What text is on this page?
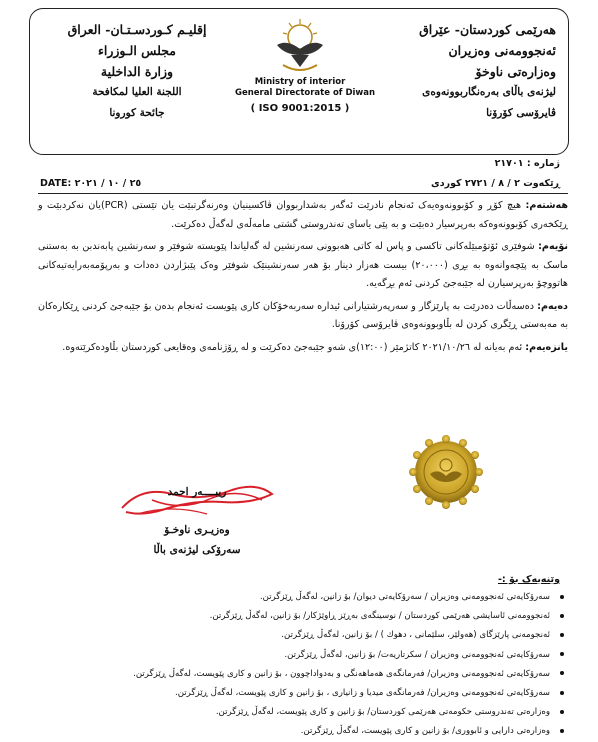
هەرێمی کوردستان- عێراق
ئەنجوومەنی وەزیران
وەزارەتی ناوخۆ
لیژنەی باڵای بەرەنگاربوونەوەی
ڤایرۆسی کۆرۆنا
Ministry of interior
General Directorate of Diwan
( ISO 9001:2015 )
إقليـم كـوردسـتـان- العراق
مجلس الـوزراء
وزارة الداخلية
اللجنة العليا لمكافحة
جائحة كورونا
ژمارە : ٢١٧٠١
ڕێکەوت ٢ / ٨ / ٢٧٢١ کوردی
DATE: ٢٥ / ١٠ / ٢٠٢١

هەشتەم: هیچ کۆڕ و کۆبوونەوەیەک ئەنجام نادرێت ئەگەر بەشداربووان ڤاکسینیان وەرنەگرتبێت یان تێستی (PCR)یان نەکردبێت و ڕێکخەری کۆبوونەوەکە بەرپرسیار دەبێت و بە پێی یاسای تەندروستی گشتی مامەڵەی لەگەڵ دەکرێت.

نۆیەم: شوفێری ئۆتۆمبێلەکانی تاکسی و پاس لە کاتی هەبوونی سەرنشین لە گەلیاندا پێویستە شوفێر و سەرنشین پابەندبن بە بەستنی ماسک بە پێچەوانەوە بە بڕی (٢٠،٠٠٠) بیست هەزار دینار بۆ هەر سەرنشینێک شوفێر وەک پێبژاردن دەدات و بەرپۆمەبەرایەتیەکانی هاتووچۆ بەرپرسیارن لە جێبەجێ کردنی ئەم بڕگەیە.

دەیەم: دەسەڵات دەدرێت بە پارێزگار و سەرپەرشتیارانی ئیدارە سەربەخۆکان کاری پێویست ئەنجام بدەن بۆ جێبەجێ کردنی ڕێکارەکان بە مەبەستی ڕێگری کردن لە بڵاوبوونەوەی ڤایرۆسی کۆرۆنا.

یانزەیەم: ئەم بەیانە لە ٢٠٢١/١٠/٢٦ کاتژمێر (١٢:٠٠)ی شەو جێبەجێ دەکرێت و لە ڕۆژنامەی وەقایعی کوردستان بڵاودەکرێتەوە.

ریبــــەر احمد
وەزیـری ناوخـۆ
سەرۆکی لیژنەی باڵا
وێنەیەک بۆ :-
سەرۆکایەتی ئەنجوومەنی وەزیران / سەرۆکایەتی دیوان/ بۆ زانین، لەگەڵ ڕێزگرتن.
ئەنجوومەنی ئاسایشی هەرێمی کوردستان / نوسینگەی بەڕێز ڕاوێژکار/ بۆ زانین، لەگەڵ ڕێزگرتن.
ئەنجومەنی پارێزگای (هەولێر، سلێمانی ، دهوك ) / بۆ زانین، لەگەڵ ڕێزگرتن.
سەرۆکایەتی ئەنجوومەنی وەزیران / سکرتاریەت/ بۆ زانین، لەگەڵ ڕێزگرتن.
سەرۆکایەتی ئەنجوومەنی وەزیران/ فەرمانگەی هەماهەنگی و بەدواداچوون ، بۆ زانین و کاری پێویست، لەگەڵ ڕێزگرتن.
سەرۆکایەتی ئەنجوومەنی وەزیران/ فەرمانگەی میدیا و زانیاری ، بۆ زانین و کاری پێویست، لەگەڵ ڕێزگرتن.
وەزارەتی تەندروستی حکومەتی هەرێمی کوردستان/ بۆ زانین و کاری پێویست، لەگەڵ ڕێزگرتن.
وەزارەتی دارایی و ئابووری/ بۆ زانین و کاری پێویست، لەگەڵ ڕێزگرتن.
